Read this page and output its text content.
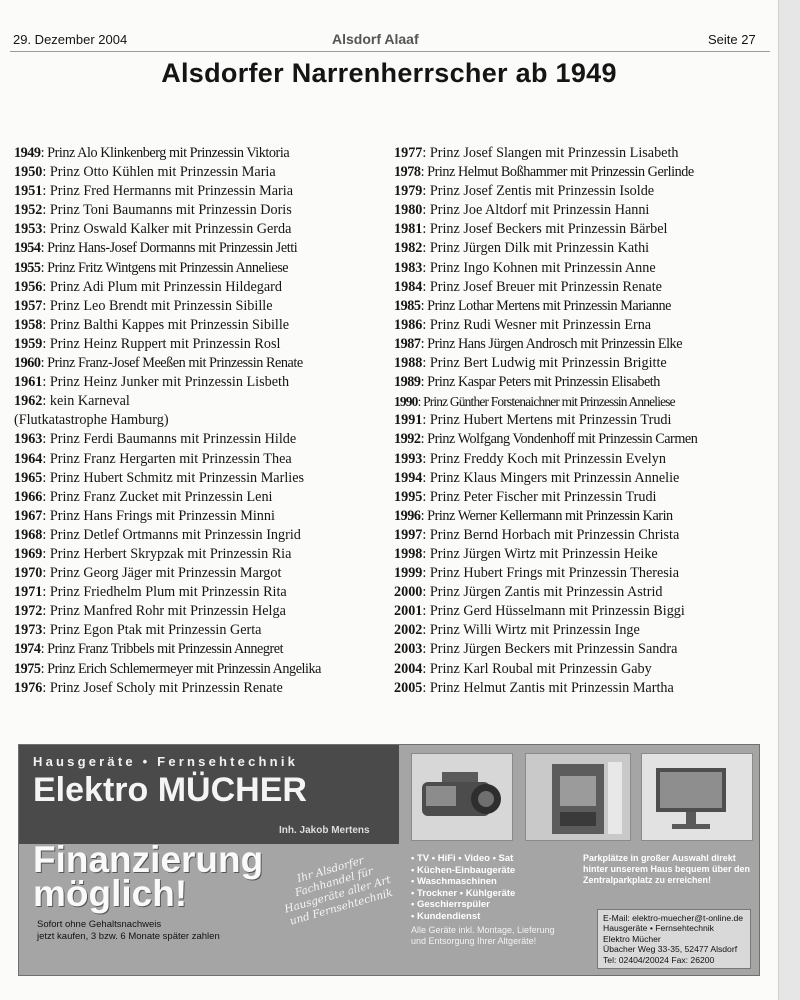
29. Dezember 2004	Alsdorf Alaaf	Seite 27
Alsdorfer Narrenherrscher ab 1949
1949: Prinz Alo Klinkenberg mit Prinzessin Viktoria
1950: Prinz Otto Kühlen mit Prinzessin Maria
1951: Prinz Fred Hermanns mit Prinzessin Maria
1952: Prinz Toni Baumanns mit Prinzessin Doris
1953: Prinz Oswald Kalker mit Prinzessin Gerda
1954: Prinz Hans-Josef Dormanns mit Prinzessin Jetti
1955: Prinz Fritz Wintgens mit Prinzessin Anneliese
1956: Prinz Adi Plum mit Prinzessin Hildegard
1957: Prinz Leo Brendt mit Prinzessin Sibille
1958: Prinz Balthi Kappes mit Prinzessin Sibille
1959: Prinz Heinz Ruppert mit Prinzessin Rosl
1960: Prinz Franz-Josef Meeßen mit Prinzessin Renate
1961: Prinz Heinz Junker mit Prinzessin Lisbeth
1962: kein Karneval
(Flutkatastrophe Hamburg)
1963: Prinz Ferdi Baumanns mit Prinzessin Hilde
1964: Prinz Franz Hergarten mit Prinzessin Thea
1965: Prinz Hubert Schmitz mit Prinzessin Marlies
1966: Prinz Franz Zucket mit Prinzessin Leni
1967: Prinz Hans Frings mit Prinzessin Minni
1968: Prinz Detlef Ortmanns mit Prinzessin Ingrid
1969: Prinz Herbert Skrypzak mit Prinzessin Ria
1970: Prinz Georg Jäger mit Prinzessin Margot
1971: Prinz Friedhelm Plum mit Prinzessin Rita
1972: Prinz Manfred Rohr mit Prinzessin Helga
1973: Prinz Egon Ptak mit Prinzessin Gerta
1974: Prinz Franz Tribbels mit Prinzessin Annegret
1975: Prinz Erich Schlemermeyer mit Prinzessin Angelika
1976: Prinz Josef Scholy mit Prinzessin Renate
1977: Prinz Josef Slangen mit Prinzessin Lisabeth
1978: Prinz Helmut Boßhammer mit Prinzessin Gerlinde
1979: Prinz Josef Zentis mit Prinzessin Isolde
1980: Prinz Joe Altdorf mit Prinzessin Hanni
1981: Prinz Josef Beckers mit Prinzessin Bärbel
1982: Prinz Jürgen Dilk mit Prinzessin Kathi
1983: Prinz Ingo Kohnen mit Prinzessin Anne
1984: Prinz Josef Breuer mit Prinzessin Renate
1985: Prinz Lothar Mertens mit Prinzessin Marianne
1986: Prinz Rudi Wesner mit Prinzessin Erna
1987: Prinz Hans Jürgen Androsch mit Prinzessin Elke
1988: Prinz Bert Ludwig mit Prinzessin Brigitte
1989: Prinz Kaspar Peters mit Prinzessin Elisabeth
1990: Prinz Günther Forstenaichner mit Prinzessin Anneliese
1991: Prinz Hubert Mertens mit Prinzessin Trudi
1992: Prinz Wolfgang Vondenhoff mit Prinzessin Carmen
1993: Prinz Freddy Koch mit Prinzessin Evelyn
1994: Prinz Klaus Mingers mit Prinzessin Annelie
1995: Prinz Peter Fischer mit Prinzessin Trudi
1996: Prinz Werner Kellermann mit Prinzessin Karin
1997: Prinz Bernd Horbach mit Prinzessin Christa
1998: Prinz Jürgen Wirtz mit Prinzessin Heike
1999: Prinz Hubert Frings mit Prinzessin Theresia
2000: Prinz Jürgen Zantis mit Prinzessin Astrid
2001: Prinz Gerd Hüsselmann mit Prinzessin Biggi
2002: Prinz Willi Wirtz mit Prinzessin Inge
2003: Prinz Jürgen Beckers mit Prinzessin Sandra
2004: Prinz Karl Roubal mit Prinzessin Gaby
2005: Prinz Helmut Zantis mit Prinzessin Martha
Hausgeräte • Fernsehtechnik
Elektro MÜCHER
Inh. Jakob Mertens
Finanzierung
möglich!
Sofort ohne Gehaltsnachweis
jetzt kaufen, 3 bzw. 6 Monate später zahlen
Ihr Alsdorfer Fachhandel für Hausgeräte aller Art und Fernsehtechnik
• TV • HiFi • Video • Sat
• Küchen-Einbaugeräte
• Waschmaschinen
• Trockner • Kühlgeräte
• Geschierrspüler
• Kundendienst
Alle Geräte inkl. Montage, Lieferung und Entsorgung Ihrer Altgeräte!
Parkplätze in großer Auswahl direkt hinter unserem Haus bequem über den Zentralparkplatz zu erreichen!
E-Mail: elektro-muecher@t-online.de
Hausgeräte • Fernsehtechnik
Elektro Mücher
Übacher Weg 33-35, 52477 Alsdorf
Tel: 02404/20024 Fax: 26200
